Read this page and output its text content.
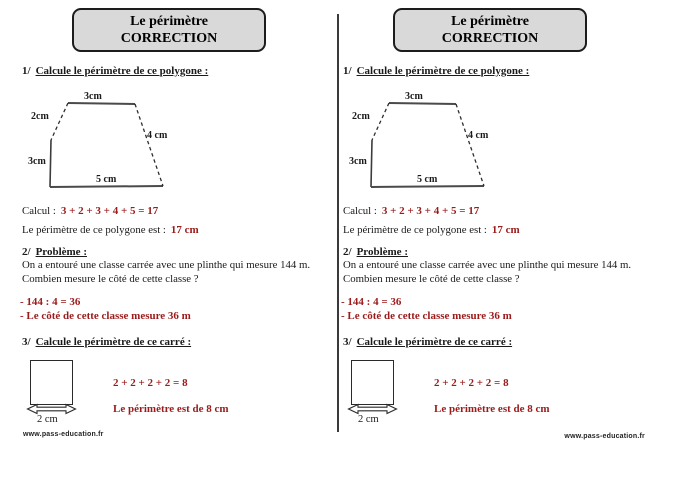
Le périmètre
CORRECTION
1/ Calcule le périmètre de ce polygone :
3cm
2cm
4 cm
3cm
5 cm
Calcul : 3 + 2 + 3 + 4 + 5 = 17
Le périmètre de ce polygone est : 17 cm
2/ Problème :
On a entouré une classe carrée avec une plinthe qui mesure 144 m.
Combien mesure le côté de cette classe ?
- 144 : 4 = 36
- Le côté de cette classe mesure 36 m
3/ Calcule le périmètre de ce carré :
2 cm
2 + 2 + 2 + 2 = 8
Le périmètre est de 8 cm
www.pass-education.fr
Le périmètre
CORRECTION
1/ Calcule le périmètre de ce polygone :
3cm
2cm
4 cm
3cm
5 cm
Calcul : 3 + 2 + 3 + 4 + 5 = 17
Le périmètre de ce polygone est : 17 cm
2/ Problème :
On a entouré une classe carrée avec une plinthe qui mesure 144 m.
Combien mesure le côté de cette classe ?
- 144 : 4 = 36
- Le côté de cette classe mesure 36 m
3/ Calcule le périmètre de ce carré :
2 cm
2 + 2 + 2 + 2 = 8
Le périmètre est de 8 cm
www.pass-education.fr
